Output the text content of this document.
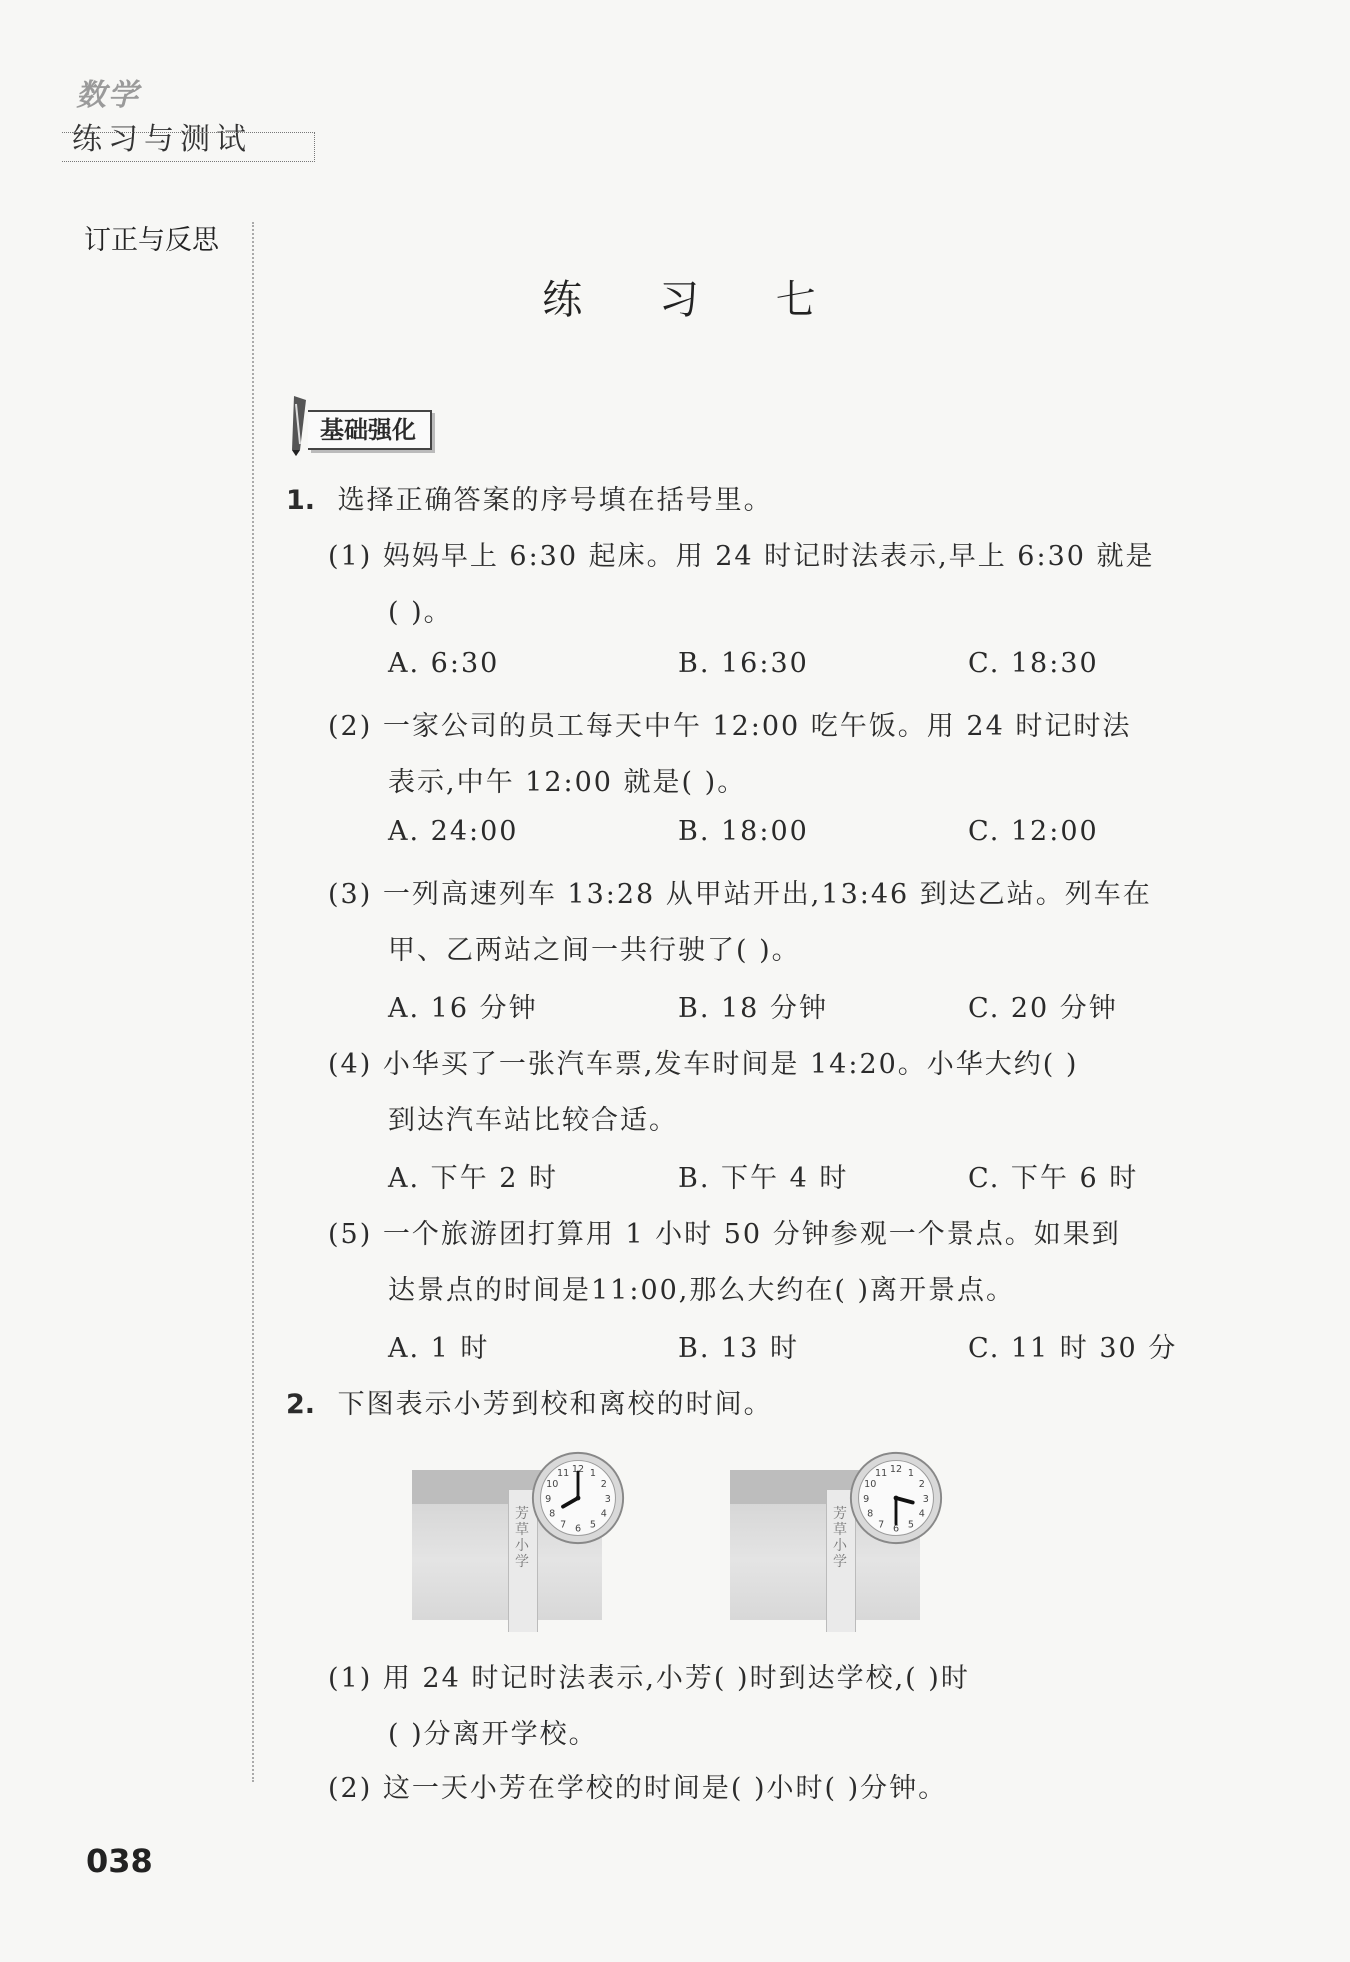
数学
练习与测试
订正与反思
练 习 七
基础强化
1. 选择正确答案的序号填在括号里。
(1) 妈妈早上 6:30 起床。用 24 时记时法表示,早上 6:30 就是
( )。
A. 6:30	B. 16:30	C. 18:30
(2) 一家公司的员工每天中午 12:00 吃午饭。用 24 时记时法
表示,中午 12:00 就是( )。
A. 24:00	B. 18:00	C. 12:00
(3) 一列高速列车 13:28 从甲站开出,13:46 到达乙站。列车在
甲、乙两站之间一共行驶了( )。
A. 16 分钟	B. 18 分钟	C. 20 分钟
(4) 小华买了一张汽车票,发车时间是 14:20。小华大约( )
到达汽车站比较合适。
A. 下午 2 时	B. 下午 4 时	C. 下午 6 时
(5) 一个旅游团打算用 1 小时 50 分钟参观一个景点。如果到
达景点的时间是11:00,那么大约在( )离开景点。
A. 1 时	B. 13 时	C. 11 时 30 分
2. 下图表示小芳到校和离校的时间。
芳草小学
12 1
2
3
4
5
6
7
8
9
10
11
芳草小学
12 1
2
3
4
5
6
7
8
9
10
11
(1) 用 24 时记时法表示,小芳( )时到达学校,( )时
( )分离开学校。
(2) 这一天小芳在学校的时间是( )小时( )分钟。
038
